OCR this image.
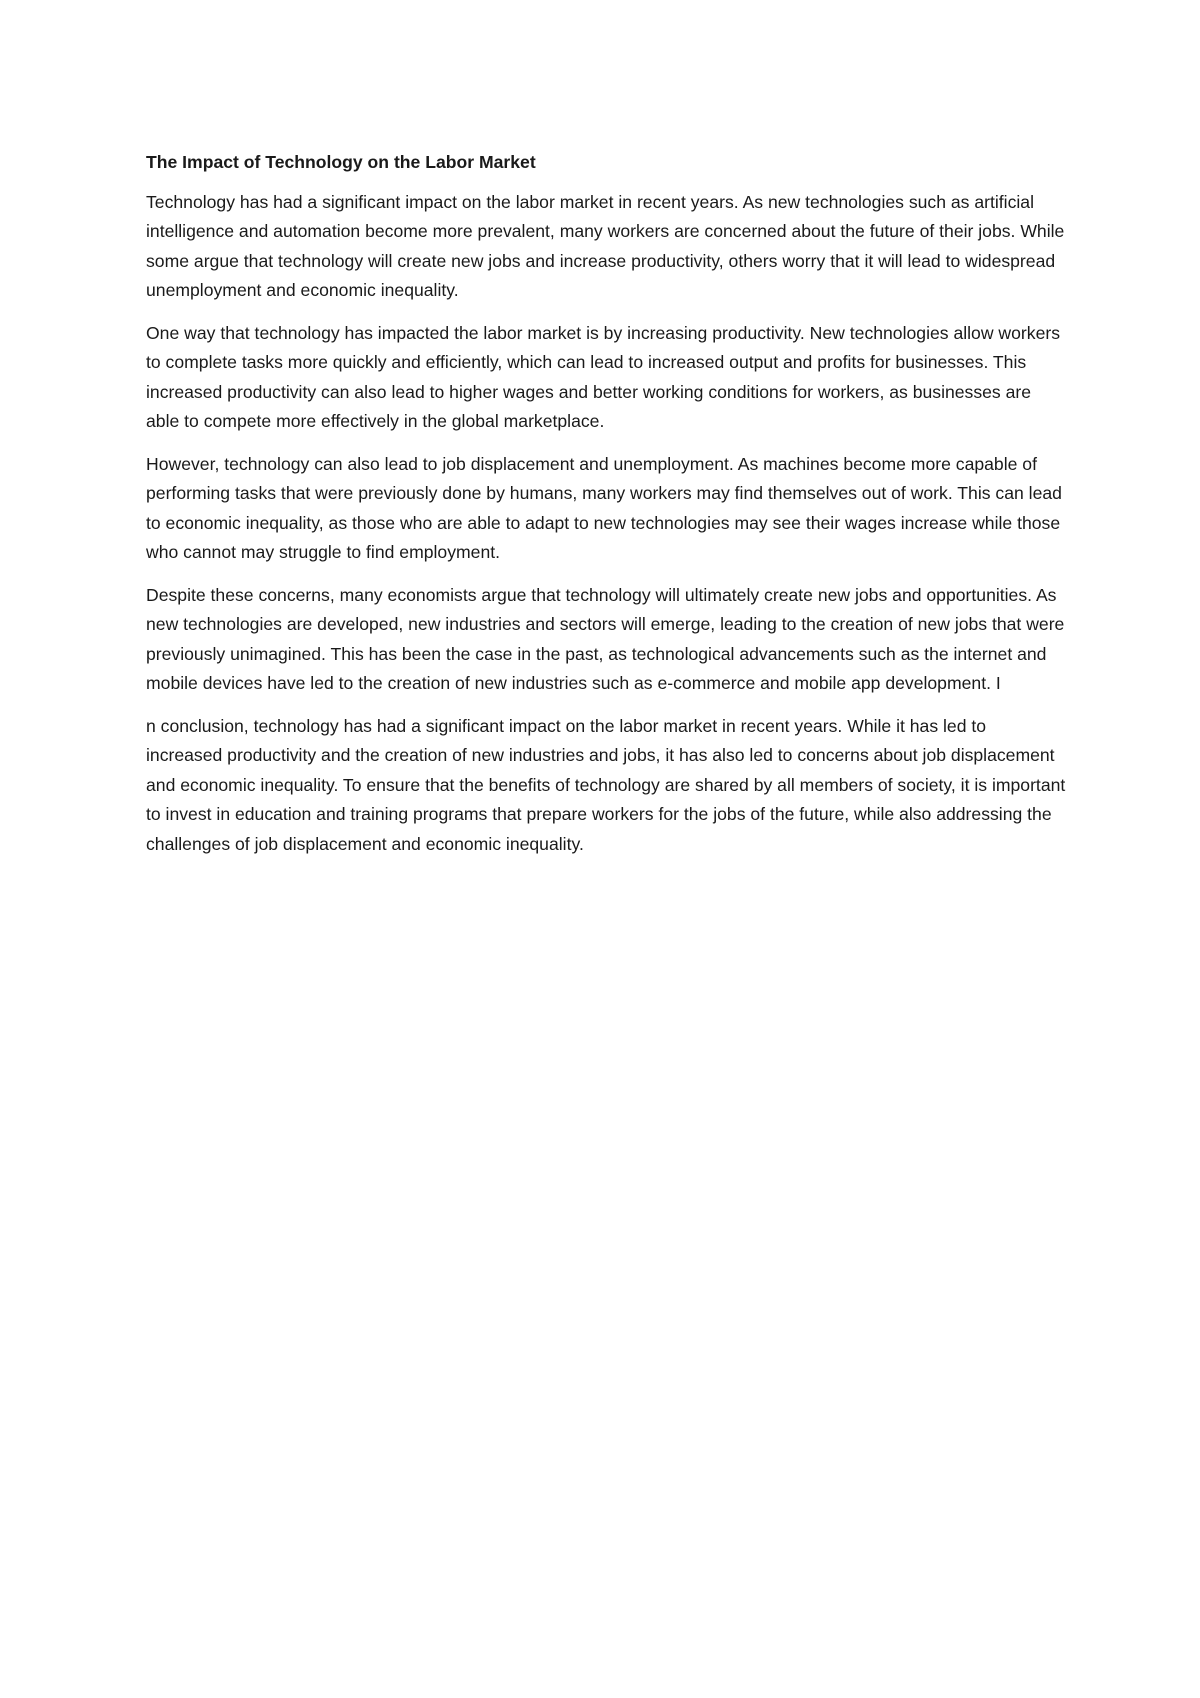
The Impact of Technology on the Labor Market

Technology has had a significant impact on the labor market in recent years. As new technologies such as artificial intelligence and automation become more prevalent, many workers are concerned about the future of their jobs. While some argue that technology will create new jobs and increase productivity, others worry that it will lead to widespread unemployment and economic inequality.

One way that technology has impacted the labor market is by increasing productivity. New technologies allow workers to complete tasks more quickly and efficiently, which can lead to increased output and profits for businesses. This increased productivity can also lead to higher wages and better working conditions for workers, as businesses are able to compete more effectively in the global marketplace.

However, technology can also lead to job displacement and unemployment. As machines become more capable of performing tasks that were previously done by humans, many workers may find themselves out of work. This can lead to economic inequality, as those who are able to adapt to new technologies may see their wages increase while those who cannot may struggle to find employment.

Despite these concerns, many economists argue that technology will ultimately create new jobs and opportunities. As new technologies are developed, new industries and sectors will emerge, leading to the creation of new jobs that were previously unimagined. This has been the case in the past, as technological advancements such as the internet and mobile devices have led to the creation of new industries such as e-commerce and mobile app development. I

n conclusion, technology has had a significant impact on the labor market in recent years. While it has led to increased productivity and the creation of new industries and jobs, it has also led to concerns about job displacement and economic inequality. To ensure that the benefits of technology are shared by all members of society, it is important to invest in education and training programs that prepare workers for the jobs of the future, while also addressing the challenges of job displacement and economic inequality.
